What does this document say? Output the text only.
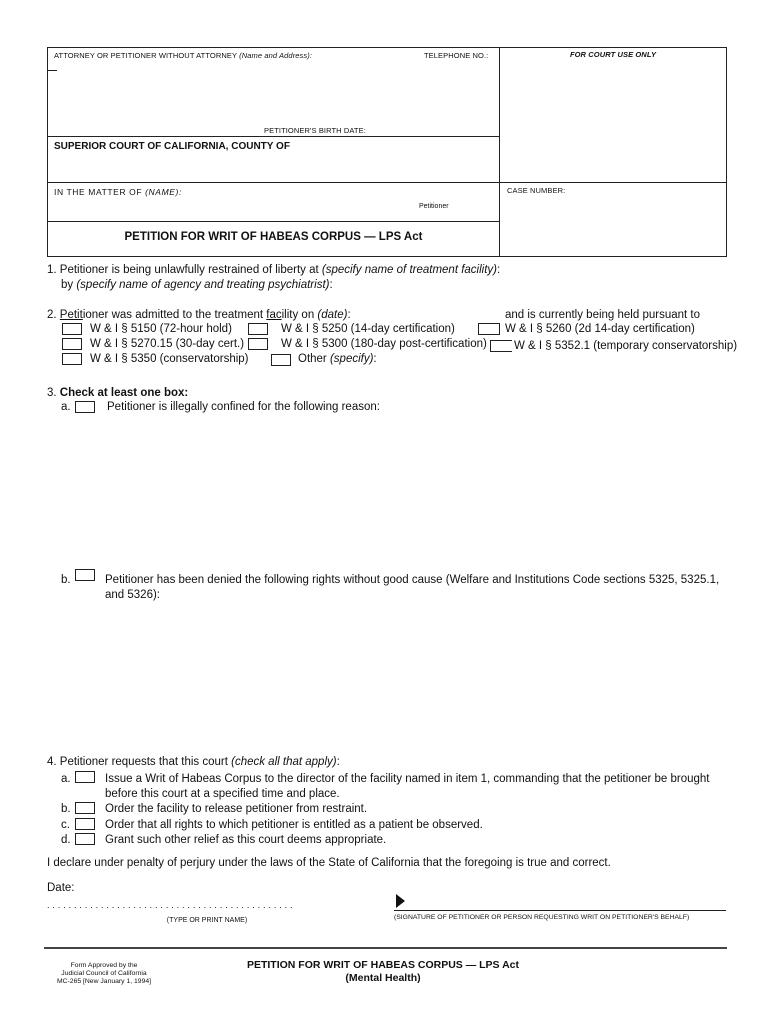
ATTORNEY OR PETITIONER WITHOUT ATTORNEY (Name and Address):	TELEPHONE NO.:	FOR COURT USE ONLY
PETITIONER'S BIRTH DATE:
SUPERIOR COURT OF CALIFORNIA, COUNTY OF
IN THE MATTER OF (NAME):
Petitioner
CASE NUMBER:
PETITION FOR WRIT OF HABEAS CORPUS — LPS Act
1. Petitioner is being unlawfully restrained of liberty at (specify name of treatment facility):
by (specify name of agency and treating psychiatrist):
2. Petitioner was admitted to the treatment facility on (date):	and is currently being held pursuant to
W & I § 5150 (72-hour hold)	W & I § 5250 (14-day certification)	W & I § 5260 (2d 14-day certification)
W & I § 5270.15 (30-day cert.)	W & I § 5300 (180-day post-certification) W & I § 5352.1 (temporary conservatorship)
W & I § 5350 (conservatorship)	Other (specify):
3. Check at least one box:
a.	Petitioner is illegally confined for the following reason:
b.	Petitioner has been denied the following rights without good cause (Welfare and Institutions Code sections 5325, 5325.1,
and 5326):
4. Petitioner requests that this court (check all that apply):
a.	Issue a Writ of Habeas Corpus to the director of the facility named in item 1, commanding that the petitioner be brought
before this court at a specified time and place.
b.	Order the facility to release petitioner from restraint.
c.	Order that all rights to which petitioner is entitled as a patient be observed.
d.	Grant such other relief as this court deems appropriate.
I declare under penalty of perjury under the laws of the State of California that the foregoing is true and correct.
Date:
. . . . . . . . . . . . . . . . . . . . . . . . . . . . . . . . . . . . . . . . . . . . . .
(TYPE OR PRINT NAME)	(SIGNATURE OF PETITIONER OR PERSON REQUESTING WRIT ON PETITIONER'S BEHALF)
Form Approved by the
Judicial Council of California
MC-265 [New January 1, 1994]
PETITION FOR WRIT OF HABEAS CORPUS — LPS Act
(Mental Health)
